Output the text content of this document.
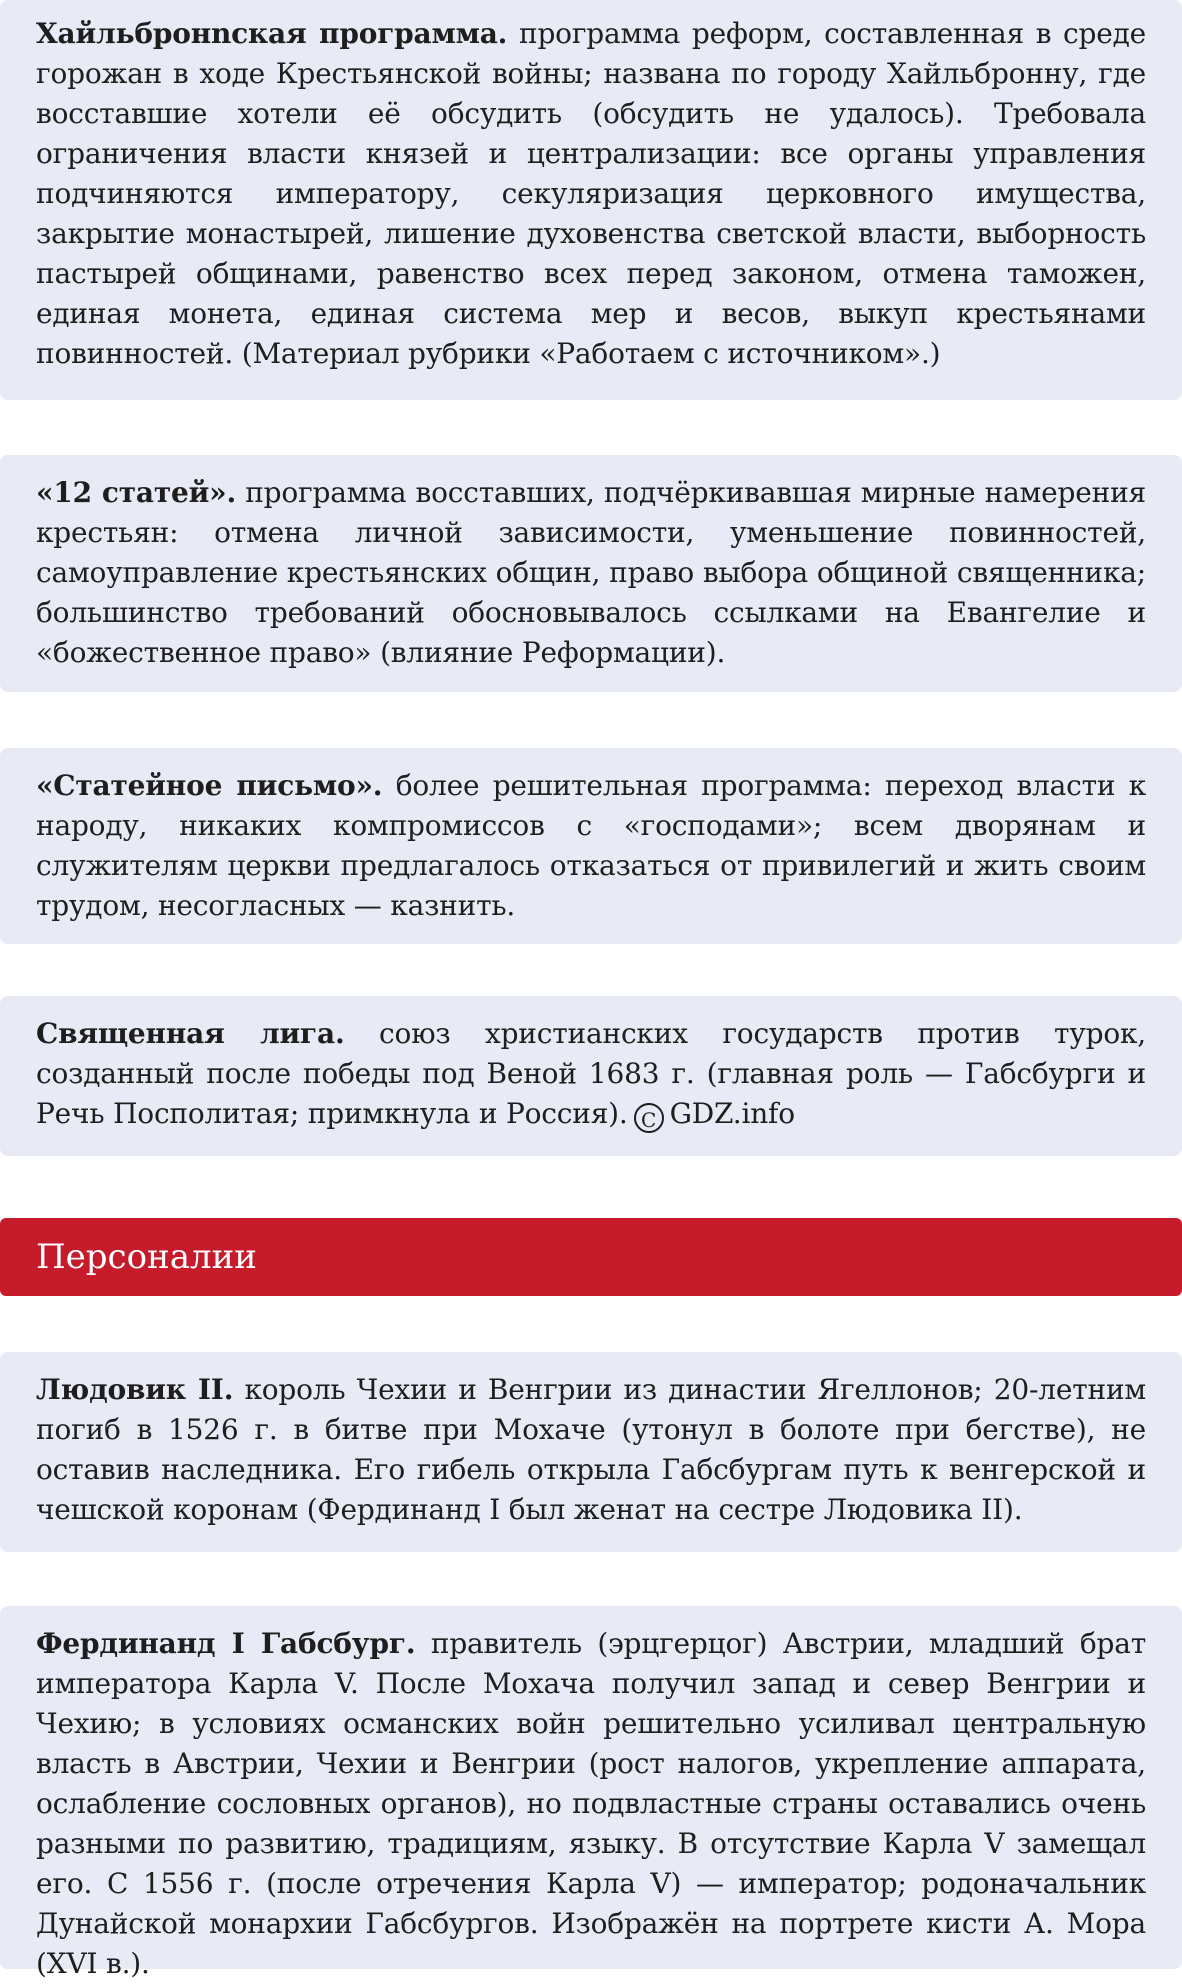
Хайльбронnская программа. программа реформ, составленная в среде горожан в ходе Крестьянской войны; названа по городу Хайльбронну, где восставшие хотели её обсудить (обсудить не удалось). Требовала ограничения власти князей и централизации: все органы управления подчиняются императору, секуляризация церковного имущества, закрытие монастырей, лишение духовенства светской власти, выборность пастырей общинами, равенство всех перед законом, отмена таможен, единая монета, единая система мер и весов, выкуп крестьянами повинностей. (Материал рубрики «Работаем с источником».)

«12 статей». программа восставших, подчёркивавшая мирные намерения крестьян: отмена личной зависимости, уменьшение повинностей, самоуправление крестьянских общин, право выбора общиной священника; большинство требований обосновывалось ссылками на Евангелие и «божественное право» (влияние Реформации).

«Статейное письмо». более решительная программа: переход власти к народу, никаких компромиссов с «господами»; всем дворянам и служителям церкви предлагалось отказаться от привилегий и жить своим трудом, несогласных — казнить.

Священная лига. союз христианских государств против турок, созданный после победы под Веной 1683 г. (главная роль — Габсбурги и Речь Посполитая; примкнула и Россия). C GDZ.info

Персоналии

Людовик II. король Чехии и Венгрии из династии Ягеллонов; 20-летним погиб в 1526 г. в битве при Мохаче (утонул в болоте при бегстве), не оставив наследника. Его гибель открыла Габсбургам путь к венгерской и чешской коронам (Фердинанд I был женат на сестре Людовика II).

Фердинанд I Габсбург. правитель (эрцгерцог) Австрии, младший брат императора Карла V. После Мохача получил запад и север Венгрии и Чехию; в условиях османских войн решительно усиливал центральную власть в Австрии, Чехии и Венгрии (рост налогов, укрепление аппарата, ослабление сословных органов), но подвластные страны оставались очень разными по развитию, традициям, языку. В отсутствие Карла V замещал его. С 1556 г. (после отречения Карла V) — император; родоначальник Дунайской монархии Габсбургов. Изображён на портрете кисти А. Мора (XVI в.).
